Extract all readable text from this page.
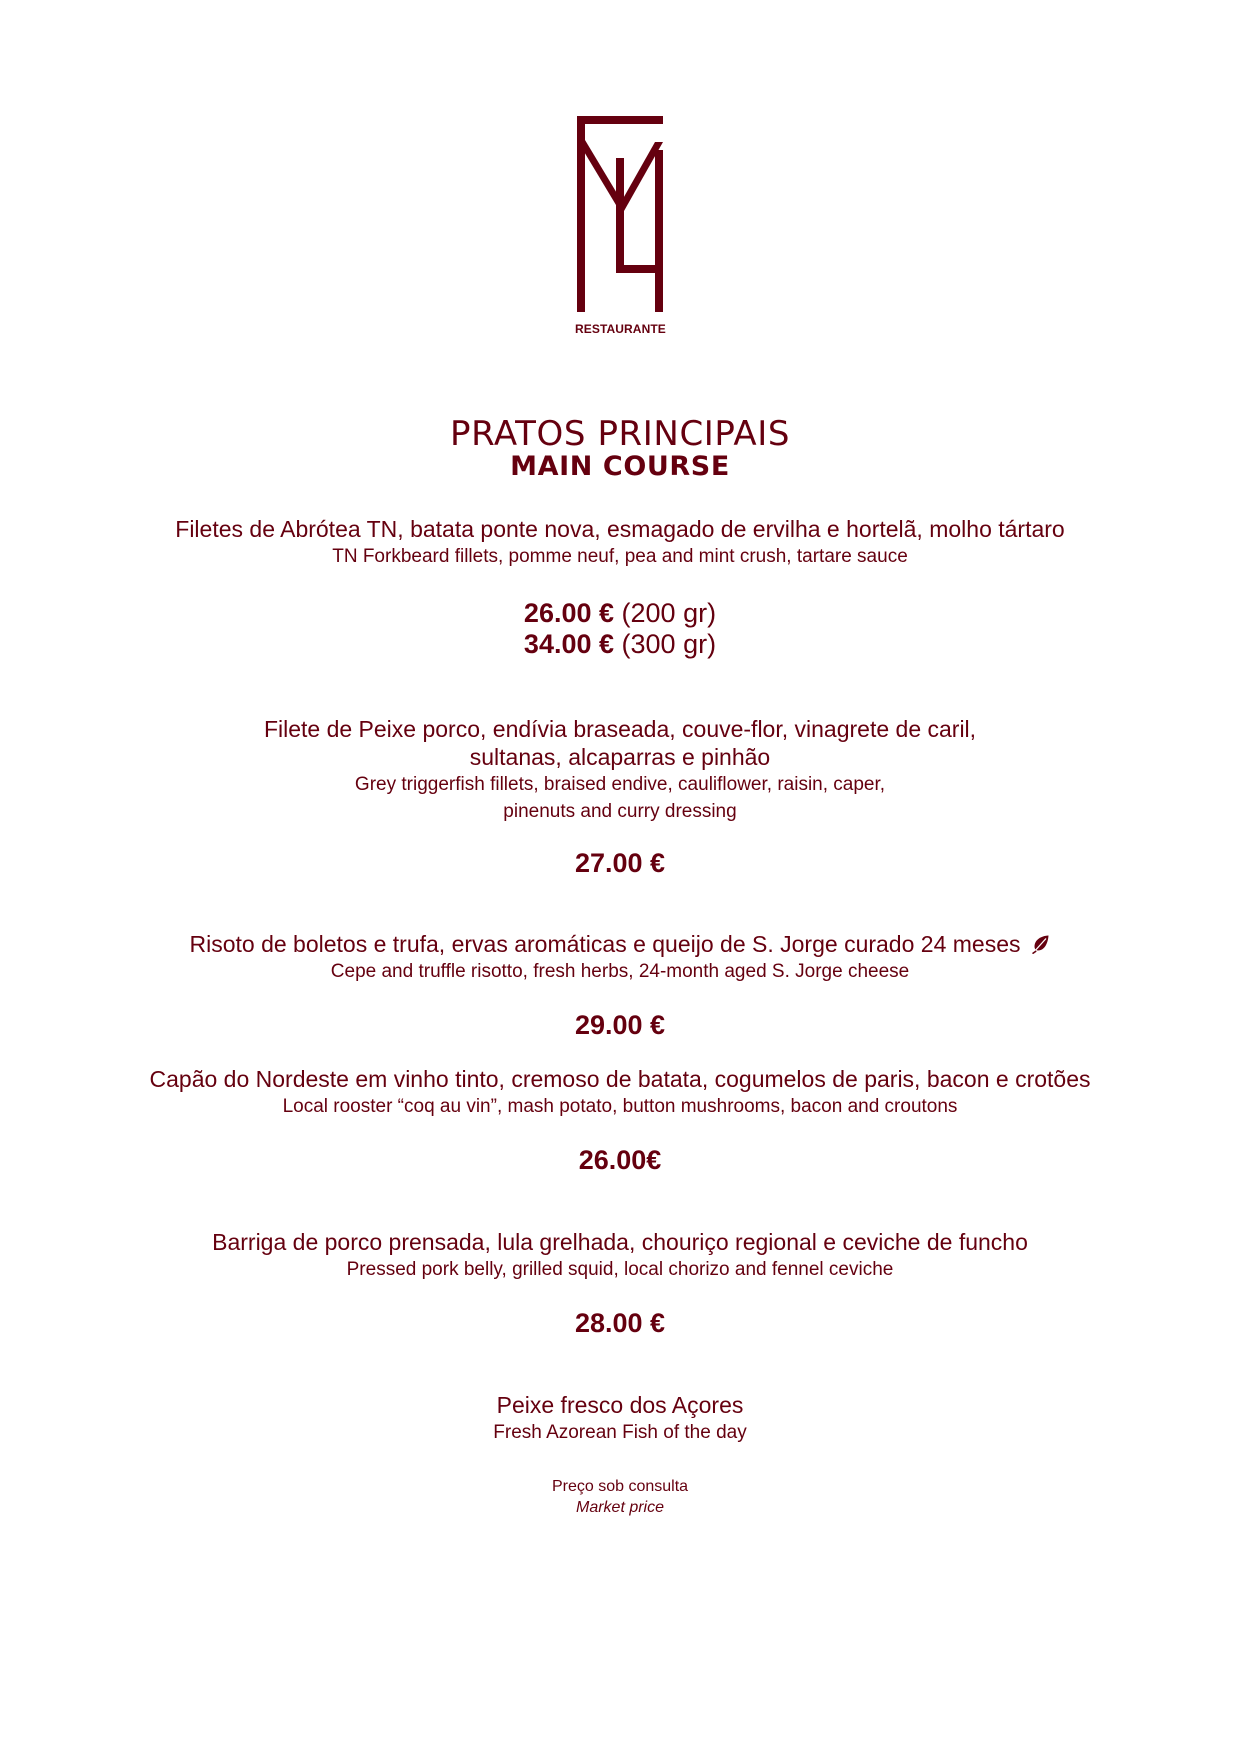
RESTAURANTE
PRATOS PRINCIPAIS
MAIN COURSE
Filetes de Abrótea TN, batata ponte nova, esmagado de ervilha e hortelã, molho tártaro
TN Forkbeard fillets, pomme neuf, pea and mint crush, tartare sauce
26.00 € (200 gr)
34.00 € (300 gr)
Filete de Peixe porco, endívia braseada, couve-flor, vinagrete de caril,
sultanas, alcaparras e pinhão
Grey triggerfish fillets, braised endive, cauliflower, raisin, caper,
pinenuts and curry dressing
27.00 €
Risoto de boletos e trufa, ervas aromáticas e queijo de S. Jorge curado 24 meses
Cepe and truffle risotto, fresh herbs, 24-month aged S. Jorge cheese
29.00 €
Capão do Nordeste em vinho tinto, cremoso de batata, cogumelos de paris, bacon e crotões
Local rooster “coq au vin”, mash potato, button mushrooms, bacon and croutons
26.00€
Barriga de porco prensada, lula grelhada, chouriço regional e ceviche de funcho
Pressed pork belly, grilled squid, local chorizo and fennel ceviche
28.00 €
Peixe fresco dos Açores
Fresh Azorean Fish of the day
Preço sob consulta
Market price
